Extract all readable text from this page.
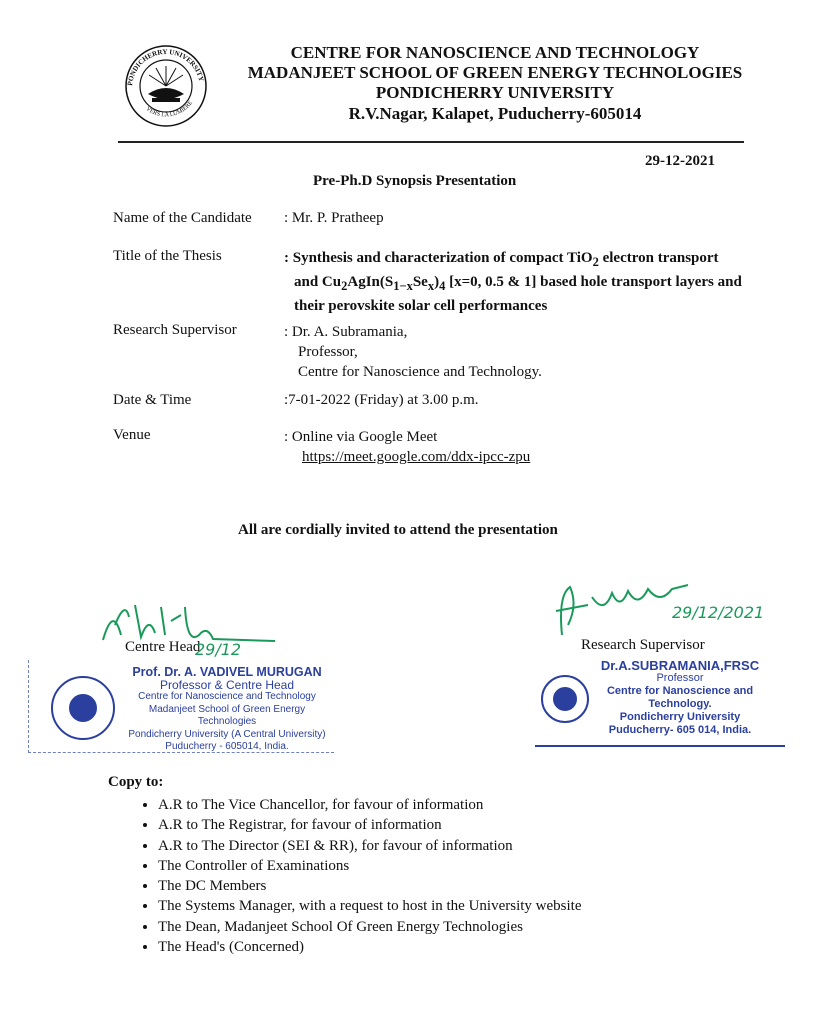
PONDICHERRY UNIVERSITY
VERS LA LUMIERE
CENTRE FOR NANOSCIENCE AND TECHNOLOGY
MADANJEET SCHOOL OF GREEN ENERGY TECHNOLOGIES
PONDICHERRY UNIVERSITY
R.V.Nagar, Kalapet, Puducherry-605014
29-12-2021
Pre-Ph.D Synopsis Presentation
Name of the Candidate : Mr. P. Pratheep
Title of the Thesis	: Synthesis and characterization of compact TiO$_2$ electron transport
and $Cu_2AgIn(S_{1-x}Se_x)_4$ [x=0, 0.5 & 1] based hole transport layers and
their perovskite solar cell performances
Research Supervisor	: Dr. A. Subramania,
Professor,
Centre for Nanoscience and Technology.
Date & Time	:7-01-2022 (Friday) at 3.00 p.m.
Venue	: Online via Google Meet
https://meet.google.com/ddx-ipcc-zpu
All are cordially invited to attend the presentation
Centre Head
29/12
Prof. Dr. A. VADIVEL MURUGAN
Professor & Centre Head
Centre for Nanoscience and Technology
Madanjeet School of Green Energy Technologies
Pondicherry University (A Central University)
Puducherry - 605014, India.
29/12/2021
Research Supervisor
Dr.A.SUBRAMANIA,FRSC
Professor
Centre for Nanoscience and Technology.
Pondicherry University
Puducherry- 605 014, India.
Copy to:
• A.R to The Vice Chancellor, for favour of information
• A.R to The Registrar, for favour of information
• A.R to The Director (SEI & RR), for favour of information
• The Controller of Examinations
• The DC Members
• The Systems Manager, with a request to host in the University website
• The Dean, Madanjeet School Of Green Energy Technologies
• The Head's (Concerned)
